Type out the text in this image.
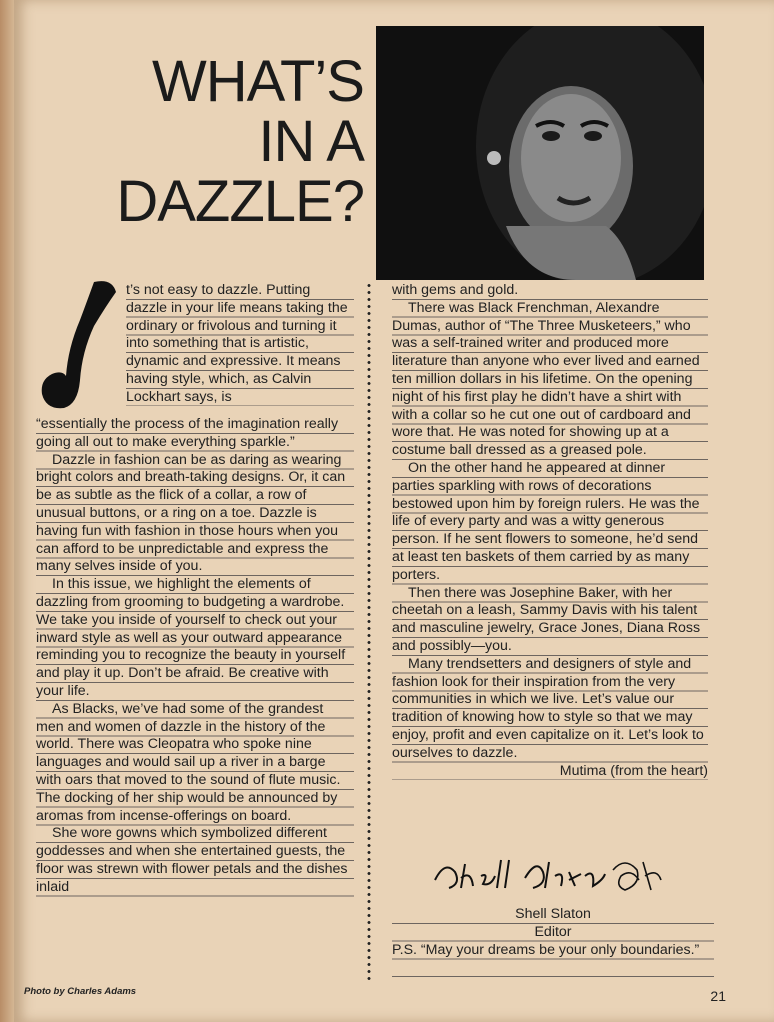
WHAT’S
IN A
DAZZLE?
t’s not easy to dazzle. Putting dazzle in your life means taking the ordinary or frivolous and turning it into something that is artistic, dynamic and expressive. It means having style, which, as Calvin Lockhart says, is

“essentially the process of the imagination really going all out to make everything sparkle.”

Dazzle in fashion can be as daring as wearing bright colors and breath-taking designs. Or, it can be as subtle as the flick of a collar, a row of unusual buttons, or a ring on a toe. Dazzle is having fun with fashion in those hours when you can afford to be unpredictable and express the many selves inside of you.

In this issue, we highlight the elements of dazzling from grooming to budgeting a wardrobe. We take you inside of yourself to check out your inward style as well as your outward appearance reminding you to recognize the beauty in yourself and play it up. Don’t be afraid. Be creative with your life.

As Blacks, we’ve had some of the grandest men and women of dazzle in the history of the world. There was Cleopatra who spoke nine languages and would sail up a river in a barge with oars that moved to the sound of flute music. The docking of her ship would be announced by aromas from incense-offerings on board.

She wore gowns which symbolized different goddesses and when she entertained guests, the floor was strewn with flower petals and the dishes inlaid

with gems and gold.

There was Black Frenchman, Alexandre Dumas, author of “The Three Musketeers,” who was a self-trained writer and produced more literature than anyone who ever lived and earned ten million dollars in his lifetime. On the opening night of his first play he didn’t have a shirt with with a collar so he cut one out of cardboard and wore that. He was noted for showing up at a costume ball dressed as a greased pole.

On the other hand he appeared at dinner parties sparkling with rows of decorations bestowed upon him by foreign rulers. He was the life of every party and was a witty generous person. If he sent flowers to someone, he’d send at least ten baskets of them carried by as many porters.

Then there was Josephine Baker, with her cheetah on a leash, Sammy Davis with his talent and masculine jewelry, Grace Jones, Diana Ross and possibly—you.

Many trendsetters and designers of style and fashion look for their inspiration from the very communities in which we live. Let’s value our tradition of knowing how to style so that we may enjoy, profit and even capitalize on it. Let’s look to ourselves to dazzle.

Mutima (from the heart)

Shell Slaton
Shell Slaton
Editor
P.S. “May your dreams be your only boundaries.”
Photo by Charles Adams	21
